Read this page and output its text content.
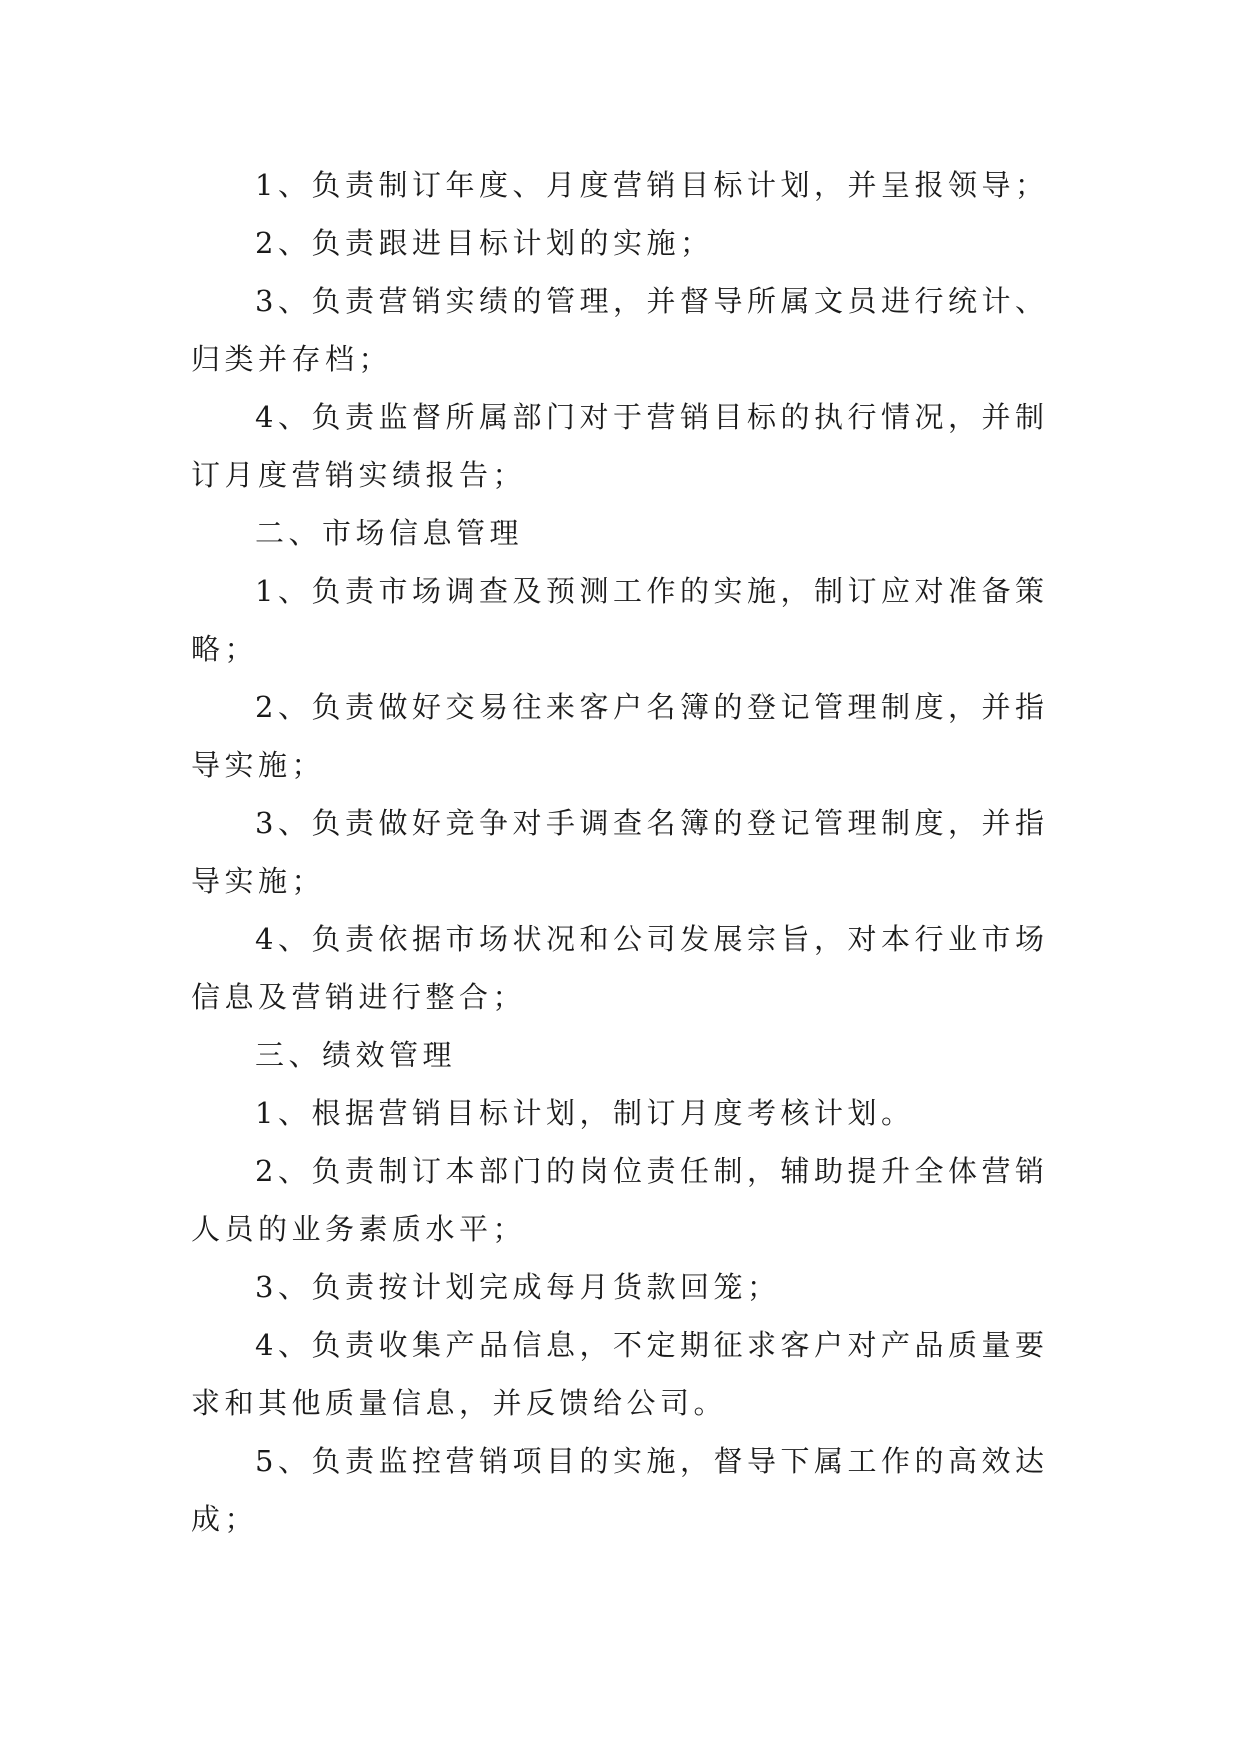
1、负责制订年度、月度营销目标计划，并呈报领导；

2、负责跟进目标计划的实施；

3、负责营销实绩的管理，并督导所属文员进行统计、归类并存档；

4、负责监督所属部门对于营销目标的执行情况，并制订月度营销实绩报告；

二、市场信息管理

1、负责市场调查及预测工作的实施，制订应对准备策略；

2、负责做好交易往来客户名簿的登记管理制度，并指导实施；

3、负责做好竞争对手调查名簿的登记管理制度，并指导实施；

4、负责依据市场状况和公司发展宗旨，对本行业市场信息及营销进行整合；

三、绩效管理

1、根据营销目标计划，制订月度考核计划。

2、负责制订本部门的岗位责任制，辅助提升全体营销人员的业务素质水平；

3、负责按计划完成每月货款回笼；

4、负责收集产品信息，不定期征求客户对产品质量要求和其他质量信息，并反馈给公司。

5、负责监控营销项目的实施，督导下属工作的高效达成；
